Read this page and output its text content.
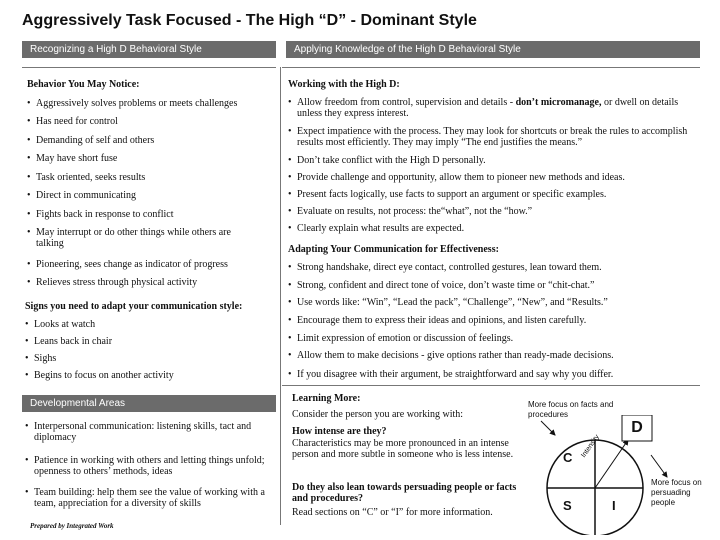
Aggressively Task Focused - The High “D” - Dominant Style
Recognizing a High D Behavioral Style
Behavior You May Notice:
• Aggressively solves problems or meets challenges
• Has need for control
• Demanding of self and others
• May have short fuse
• Task oriented, seeks results
• Direct in communicating
• Fights back in response to conflict
• May interrupt or do other things while others are talking
• Pioneering, sees change as indicator of progress
• Relieves stress through physical activity
Signs you need to adapt your communication style:
• Looks at watch
• Leans back in chair
• Sighs
• Begins to focus on another activity
Developmental Areas
• Interpersonal communication: listening skills, tact and diplomacy
• Patience in working with others and letting things unfold; openness to others’ methods, ideas
• Team building: help them see the value of working with a team, appreciation for a diversity of skills
Prepared by Integrated Work
Applying Knowledge of the High D Behavioral Style
Working with the High D:
• Allow freedom from control, supervision and details - don’t micromanage, or dwell on details unless they express interest.
• Expect impatience with the process. They may look for shortcuts or break the rules to accomplish results most efficiently. They may imply “The end justifies the means.”
• Don’t take conflict with the High D personally.
• Provide challenge and opportunity, allow them to pioneer new methods and ideas.
• Present facts logically, use facts to support an argument or specific examples.
• Evaluate on results, not process: the“what”, not the “how.”
• Clearly explain what results are expected.
Adapting Your Communication for Effectiveness:
• Strong handshake, direct eye contact, controlled gestures, lean toward them.
• Strong, confident and direct tone of voice, don’t waste time or “chit-chat.”
• Use words like: “Win”, “Lead the pack”, “Challenge”, “New”, and “Results.”
• Encourage them to express their ideas and opinions, and listen carefully.
• Limit expression of emotion or discussion of feelings.
• Allow them to make decisions - give options rather than ready-made decisions.
• If you disagree with their argument, be straightforward and say why you differ.
Learning More:
Consider the person you are working with:
How intense are they?
Characteristics may be more pronounced in an intense person and more subtle in someone who is less intense.
Do they also lean towards persuading people or facts and procedures?
Read sections on “C” or “I” for more information.
More focus on facts and procedures
More focus on persuading people
D
C
S	I
Intensity
